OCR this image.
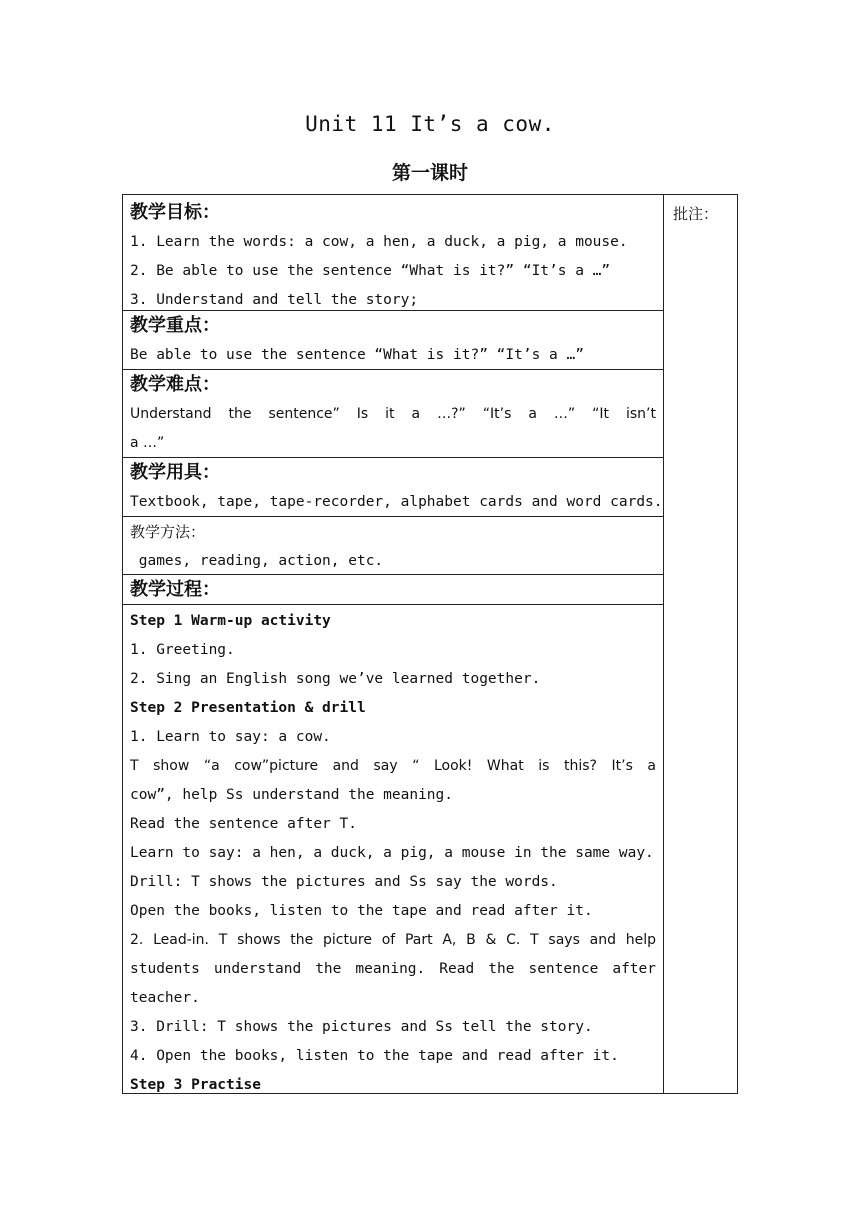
Unit 11 It’s a cow.
第一课时
批注：
教学目标：
1. Learn the words: a cow, a hen, a duck, a pig, a mouse.
2. Be able to use the sentence “What is it?” “It’s a …”
3. Understand and tell the story;
教学重点：
Be able to use the sentence “What is it?” “It’s a …”
教学难点：
Understand the sentence” Is it a …?” “It’s a …” “It isn’t
a …”
教学用具：
Textbook, tape, tape-recorder, alphabet cards and word cards.
教学方法：
games, reading, action, etc.
教学过程：
Step 1 Warm-up activity
1. Greeting.
2. Sing an English song we’ve learned together.
Step 2 Presentation & drill
1. Learn to say: a cow.
T show “a cow”picture and say “ Look! What is this? It’s a
cow”, help Ss understand the meaning.
Read the sentence after T.
Learn to say: a hen, a duck, a pig, a mouse in the same way.
Drill: T shows the pictures and Ss say the words.
Open the books, listen to the tape and read after it.
2. Lead-in. T shows the picture of Part A, B & C. T says and help
students understand the meaning. Read the sentence after
teacher.
3. Drill: T shows the pictures and Ss tell the story.
4. Open the books, listen to the tape and read after it.
Step 3 Practise
